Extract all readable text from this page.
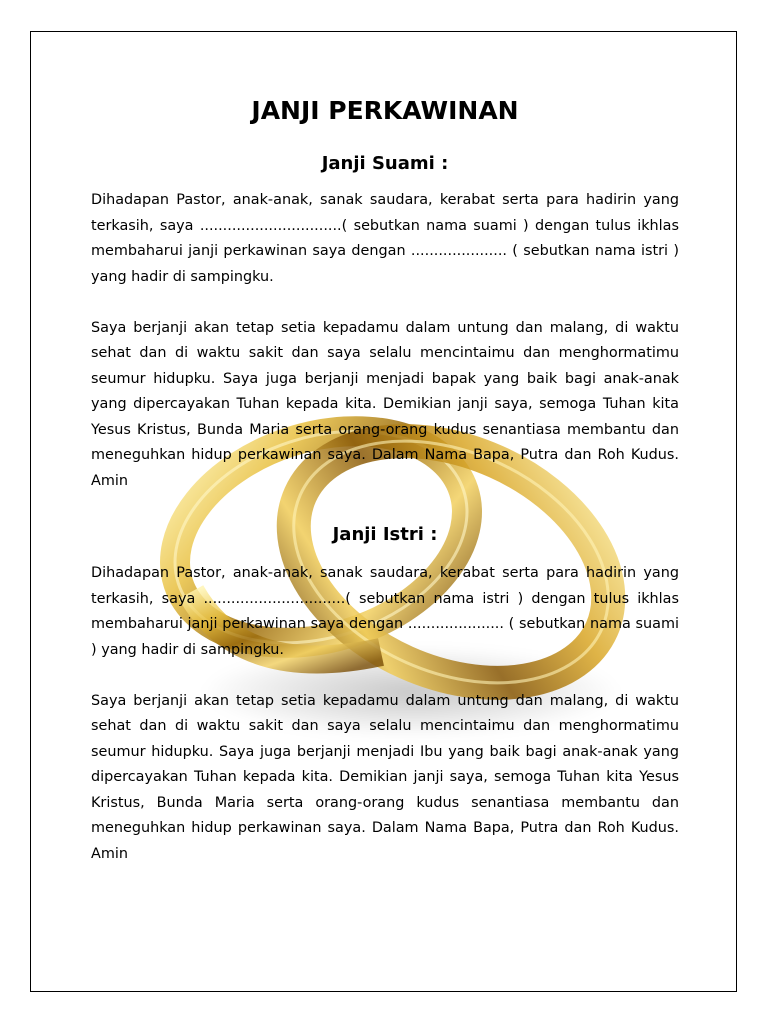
JANJI PERKAWINAN
Janji Suami :

Dihadapan Pastor, anak-anak, sanak saudara, kerabat serta para hadirin yang terkasih, saya ...............................( sebutkan nama suami ) dengan tulus ikhlas membaharui janji perkawinan saya dengan ..................... ( sebutkan nama istri ) yang hadir di sampingku.

Saya berjanji akan tetap setia kepadamu dalam untung dan malang, di waktu sehat dan di waktu sakit dan saya selalu mencintaimu dan menghormatimu seumur hidupku. Saya juga berjanji menjadi bapak yang baik bagi anak-anak yang dipercayakan Tuhan kepada kita. Demikian janji saya, semoga Tuhan kita Yesus Kristus, Bunda Maria serta orang-orang kudus senantiasa membantu dan meneguhkan hidup perkawinan saya. Dalam Nama Bapa, Putra dan Roh Kudus. Amin

Janji Istri :

Dihadapan Pastor, anak-anak, sanak saudara, kerabat serta para hadirin yang terkasih, saya ...............................( sebutkan nama istri ) dengan tulus ikhlas membaharui janji perkawinan saya dengan ..................... ( sebutkan nama suami ) yang hadir di sampingku.

Saya berjanji akan tetap setia kepadamu dalam untung dan malang, di waktu sehat dan di waktu sakit dan saya selalu mencintaimu dan menghormatimu seumur hidupku. Saya juga berjanji menjadi Ibu yang baik bagi anak-anak yang dipercayakan Tuhan kepada kita. Demikian janji saya, semoga Tuhan kita Yesus Kristus, Bunda Maria serta orang-orang kudus senantiasa membantu dan meneguhkan hidup perkawinan saya. Dalam Nama Bapa, Putra dan Roh Kudus. Amin
